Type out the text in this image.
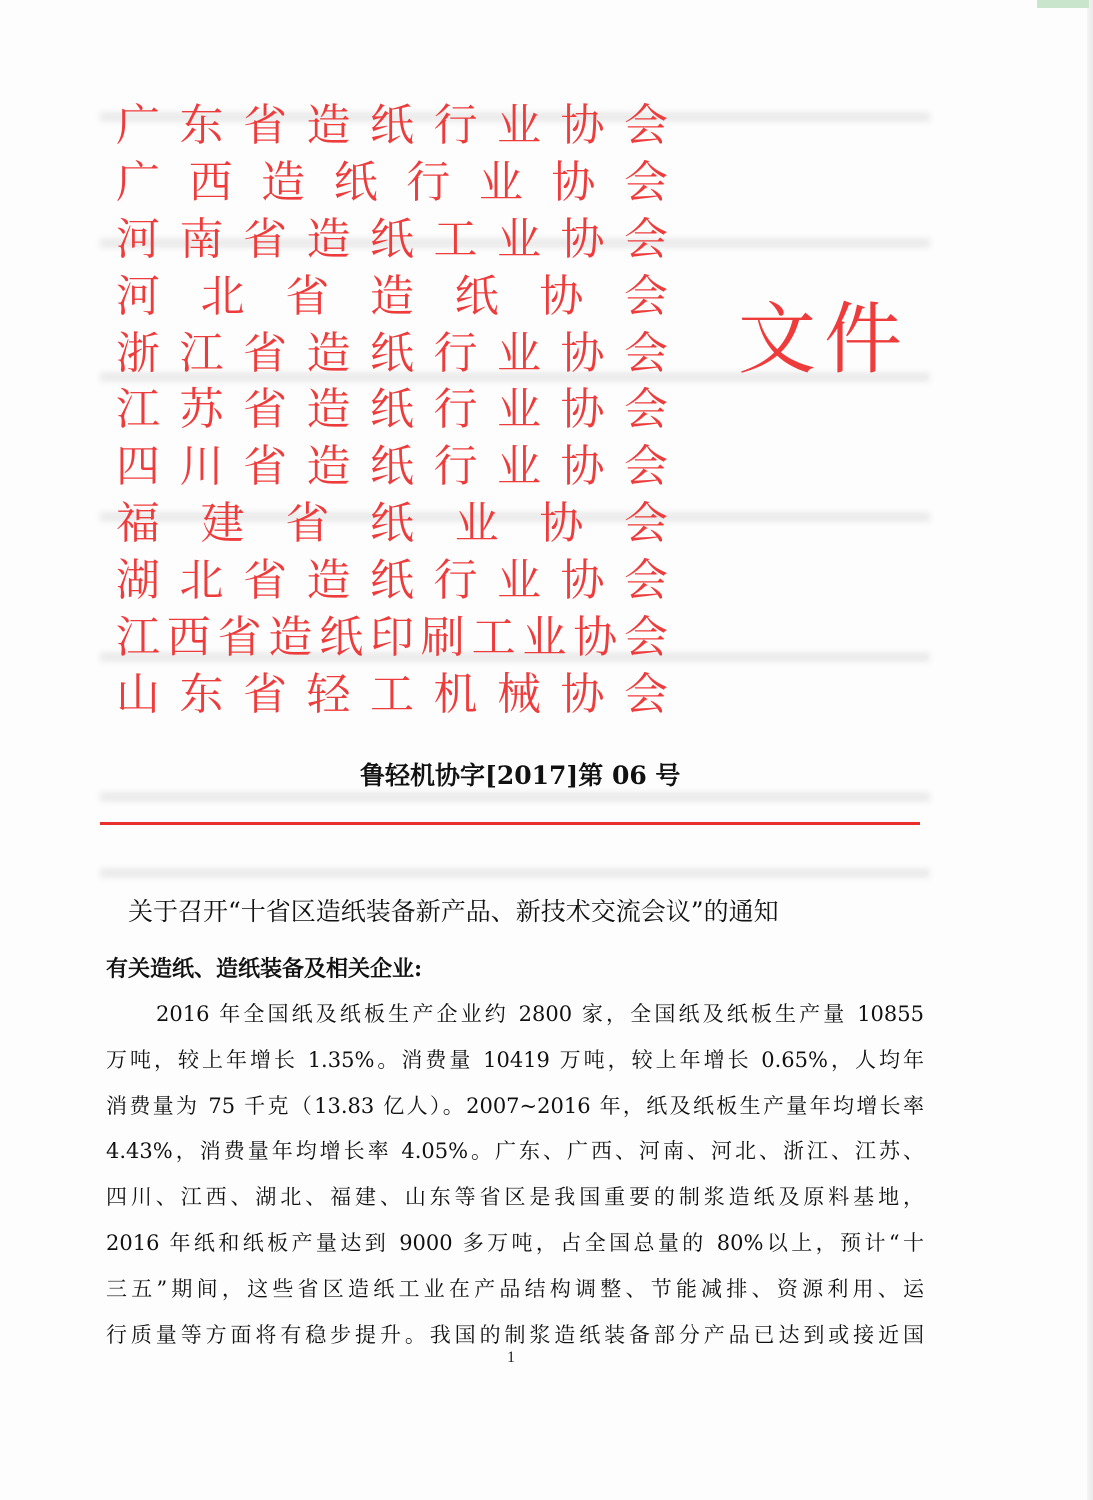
广 东 省 造 纸 行 业 协 会
广 西 造 纸 行 业 协 会
河 南 省 造 纸 工 业 协 会
河 北 省 造 纸 协 会
浙 江 省 造 纸 行 业 协 会
江 苏 省 造 纸 行 业 协 会
四 川 省 造 纸 行 业 协 会
福 建 省 纸 业 协 会
湖 北 省 造 纸 行 业 协 会
江 西 省 造 纸 印 刷 工 业 协 会
山 东 省 轻 工 机 械 协 会
文件
鲁轻机协字[2017]第 06 号
关于召开“十省区造纸装备新产品、新技术交流会议”的通知
有关造纸、造纸装备及相关企业:
2016 年全国纸及纸板生产企业约 2800 家，全国纸及纸板生产量 10855
万吨，较上年增长 1.35%。消费量 10419 万吨，较上年增长 0.65%，人均年
消费量为 75 千克（13.83 亿人）。2007~2016 年，纸及纸板生产量年均增长率
4.43%，消费量年均增长率 4.05%。广东、广西、河南、河北、浙江、江苏、
四川、江西、湖北、福建、山东等省区是我国重要的制浆造纸及原料基地，
2016 年纸和纸板产量达到 9000 多万吨，占全国总量的 80%以上，预计“十
三五”期间，这些省区造纸工业在产品结构调整、节能减排、资源利用、运
行质量等方面将有稳步提升。我国的制浆造纸装备部分产品已达到或接近国
1
